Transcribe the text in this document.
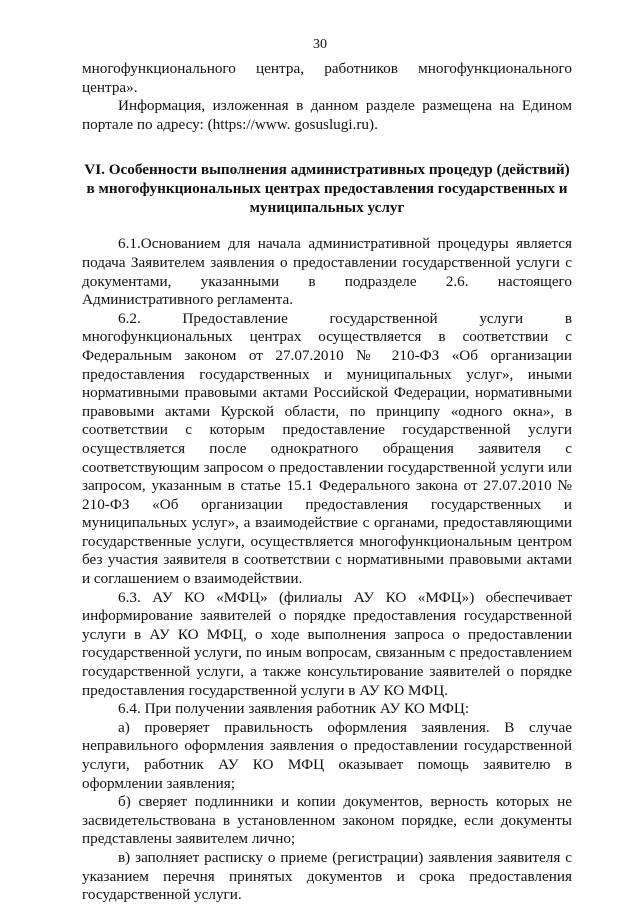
30

многофункционального центра, работников многофункционального центра».

Информация, изложенная в данном разделе размещена на Едином портале по адресу: (https://www. gosuslugi.ru).

VI. Особенности выполнения административных процедур (действий) в многофункциональных центрах предоставления государственных и муниципальных услуг

6.1.Основанием для начала административной процедуры является подача Заявителем заявления о предоставлении государственной услуги с документами, указанными в подразделе 2.6. настоящего Административного регламента.

6.2. Предоставление государственной услуги в многофункциональных центрах осуществляется в соответствии с Федеральным законом от 27.07.2010 № 210-ФЗ «Об организации предоставления государственных и муниципальных услуг», иными нормативными правовыми актами Российской Федерации, нормативными правовыми актами Курской области, по принципу «одного окна», в соответствии с которым предоставление государственной услуги осуществляется после однократного обращения заявителя с соответствующим запросом о предоставлении государственной услуги или запросом, указанным в статье 15.1 Федерального закона от 27.07.2010 № 210-ФЗ «Об организации предоставления государственных и муниципальных услуг», а взаимодействие с органами, предоставляющими государственные услуги, осуществляется многофункциональным центром без участия заявителя в соответствии с нормативными правовыми актами и соглашением о взаимодействии.

6.3. АУ КО «МФЦ» (филиалы АУ КО «МФЦ») обеспечивает информирование заявителей о порядке предоставления государственной услуги в АУ КО МФЦ, о ходе выполнения запроса о предоставлении государственной услуги, по иным вопросам, связанным с предоставлением государственной услуги, а также консультирование заявителей о порядке предоставления государственной услуги в АУ КО МФЦ.

6.4. При получении заявления работник АУ КО МФЦ:

а) проверяет правильность оформления заявления. В случае неправильного оформления заявления о предоставлении государственной услуги, работник АУ КО МФЦ оказывает помощь заявителю в оформлении заявления;

б) сверяет подлинники и копии документов, верность которых не засвидетельствована в установленном законом порядке, если документы представлены заявителем лично;

в) заполняет расписку о приеме (регистрации) заявления заявителя с указанием перечня принятых документов и срока предоставления государственной услуги.
